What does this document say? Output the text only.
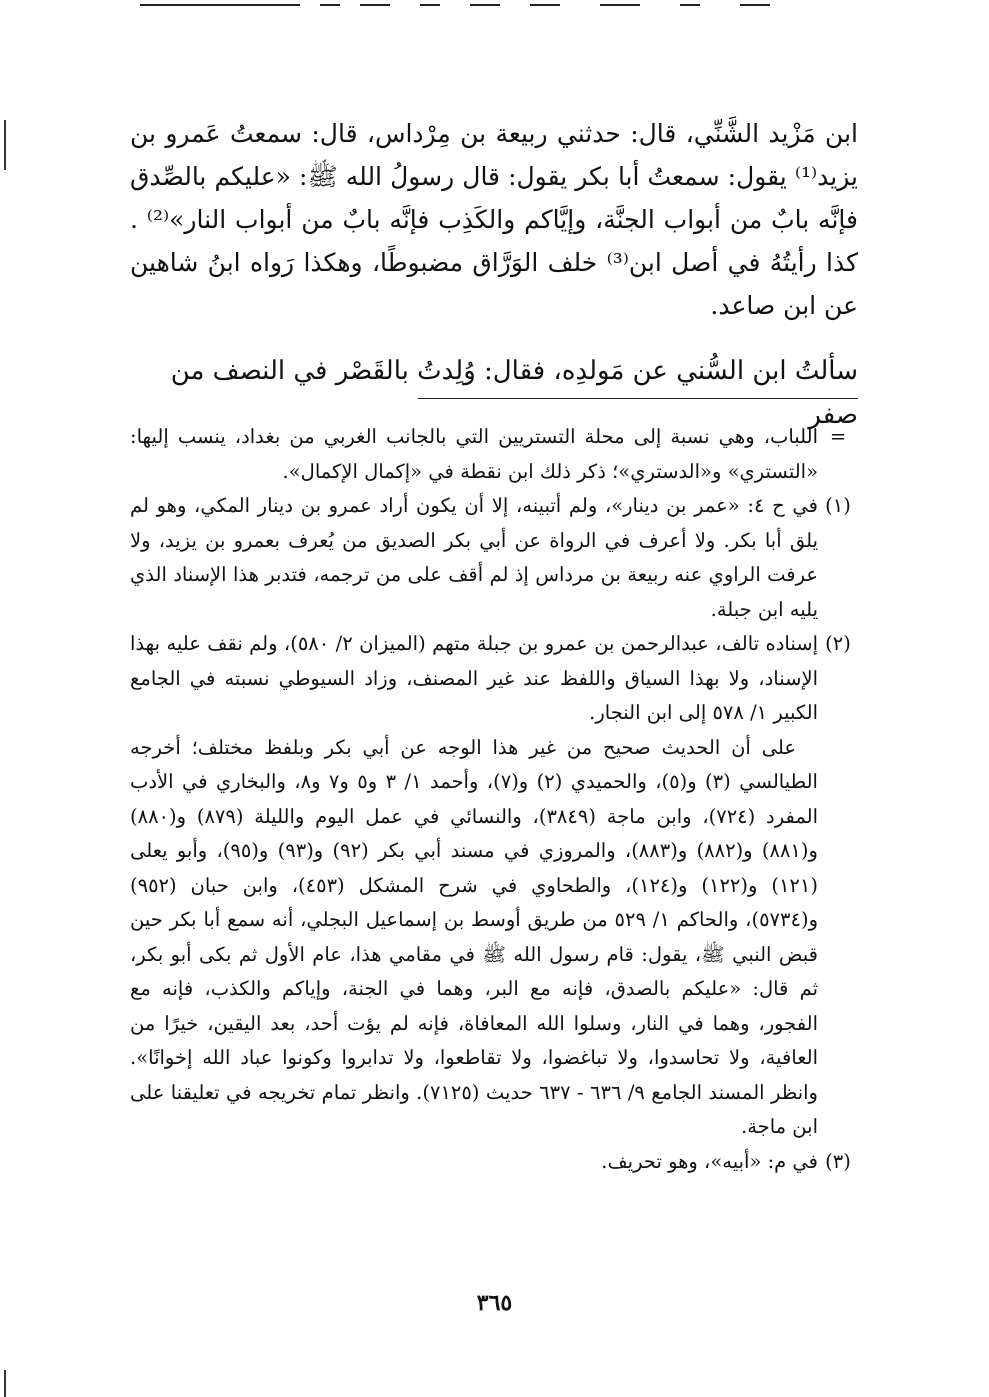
ابن مَزْيد الشَّنِّي، قال: حدثني ربيعة بن مِرْداس، قال: سمعتُ عَمرو بن يزيد⁽¹⁾ يقول: سمعتُ أبا بكر يقول: قال رسولُ الله ﷺ: «عليكم بالصِّدق فإنَّه بابٌ من أبواب الجنَّة، وإيَّاكم والكَذِب فإنَّه بابٌ من أبواب النار»⁽²⁾ . كذا رأيتُهُ في أصل ابن⁽³⁾ خلف الوَرَّاق مضبوطًا، وهكذا رَواه ابنُ شاهين عن ابن صاعد.

سألتُ ابن السُّني عن مَولدِه، فقال: وُلِدتُ بالقَصْر في النصف من صفر

=
اللباب، وهي نسبة إلى محلة التستريين التي بالجانب الغربي من بغداد، ينسب إليها: «التستري» و«الدستري»؛ ذكر ذلك ابن نقطة في «إكمال الإكمال».
(١)
في ح ٤: «عمر بن دينار»، ولم أتبينه، إلا أن يكون أراد عمرو بن دينار المكي، وهو لم يلق أبا بكر. ولا أعرف في الرواة عن أبي بكر الصديق من يُعرف بعمرو بن يزيد، ولا عرفت الراوي عنه ربيعة بن مرداس إذ لم أقف على من ترجمه، فتدبر هذا الإسناد الذي يليه ابن جبلة.
(٢)
إسناده تالف، عبدالرحمن بن عمرو بن جبلة متهم (الميزان ٢/ ٥٨٠)، ولم نقف عليه بهذا الإسناد، ولا بهذا السياق واللفظ عند غير المصنف، وزاد السيوطي نسبته في الجامع الكبير ١/ ٥٧٨ إلى ابن النجار.

على أن الحديث صحيح من غير هذا الوجه عن أبي بكر وبلفظ مختلف؛ أخرجه الطيالسي (٣) و(٥)، والحميدي (٢) و(٧)، وأحمد ١/ ٣ و٥ و٧ و٨، والبخاري في الأدب المفرد (٧٢٤)، وابن ماجة (٣٨٤٩)، والنسائي في عمل اليوم والليلة (٨٧٩) و(٨٨٠) و(٨٨١) و(٨٨٢) و(٨٨٣)، والمروزي في مسند أبي بكر (٩٢) و(٩٣) و(٩٥)، وأبو يعلى (١٢١) و(١٢٢) و(١٢٤)، والطحاوي في شرح المشكل (٤٥٣)، وابن حبان (٩٥٢) و(٥٧٣٤)، والحاكم ١/ ٥٢٩ من طريق أوسط بن إسماعيل البجلي، أنه سمع أبا بكر حين قبض النبي ﷺ، يقول: قام رسول الله ﷺ في مقامي هذا، عام الأول ثم بكى أبو بكر، ثم قال: «عليكم بالصدق، فإنه مع البر، وهما في الجنة، وإياكم والكذب، فإنه مع الفجور، وهما في النار، وسلوا الله المعافاة، فإنه لم يؤت أحد، بعد اليقين، خيرًا من العافية، ولا تحاسدوا، ولا تباغضوا، ولا تقاطعوا، ولا تدابروا وكونوا عباد الله إخوانًا». وانظر المسند الجامع ٩/ ٦٣٦ - ٦٣٧ حديث (٧١٢٥). وانظر تمام تخريجه في تعليقنا على ابن ماجة.

(٣)
في م: «أبيه»، وهو تحريف.
٣٦٥
